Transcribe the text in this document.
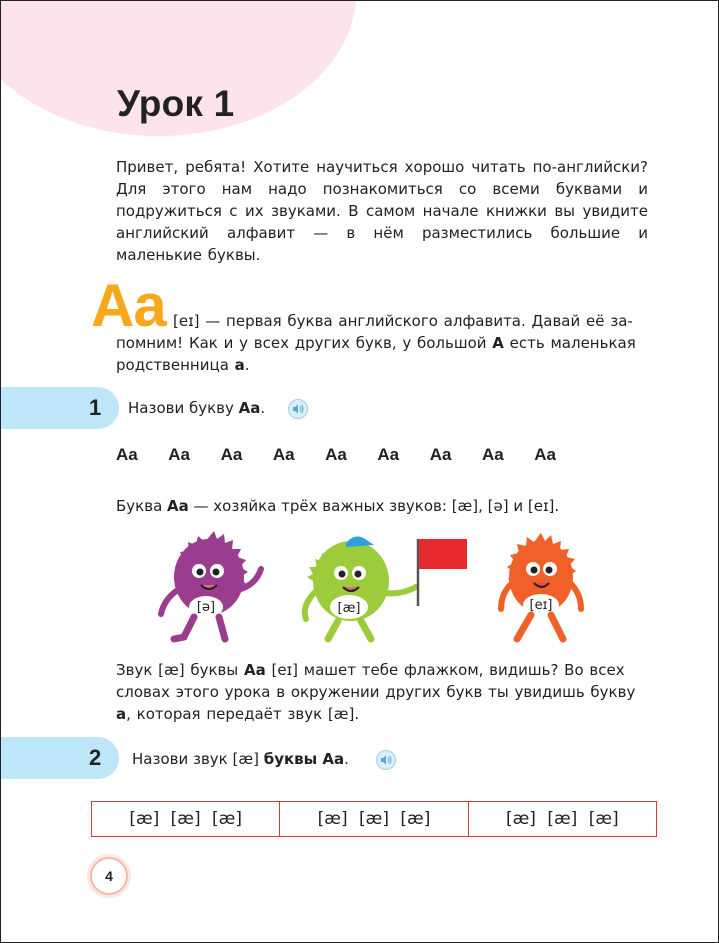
Урок 1
Привет, ребята! Хотите научиться хорошо читать по-английски? Для этого нам надо познакомиться со всеми буквами и подружиться с их звуками. В самом начале книжки вы увидите английский алфавит — в нём разместились большие и маленькие буквы.
Aa [eɪ] — первая буква английского алфавита. Давай её за-
помним! Как и у всех других букв, у большой A есть маленькая
родственница a.
1 Назови букву Aa.
Aa Aa Aa Aa Aa Aa Aa Aa Aa
Буква Aa — хозяйка трёх важных звуков: [æ], [ə] и [eɪ].
[ə]	[æ]	[eɪ]
Звук [æ] буквы Aa [eɪ] машет тебе флажком, видишь? Во всех
словах этого урока в окружении других букв ты увидишь букву
a, которая передаёт звук [æ].
2 Назови звук [æ] буквы Aa.
[æ] [æ] [æ]	[æ] [æ] [æ]	[æ] [æ] [æ]
4
